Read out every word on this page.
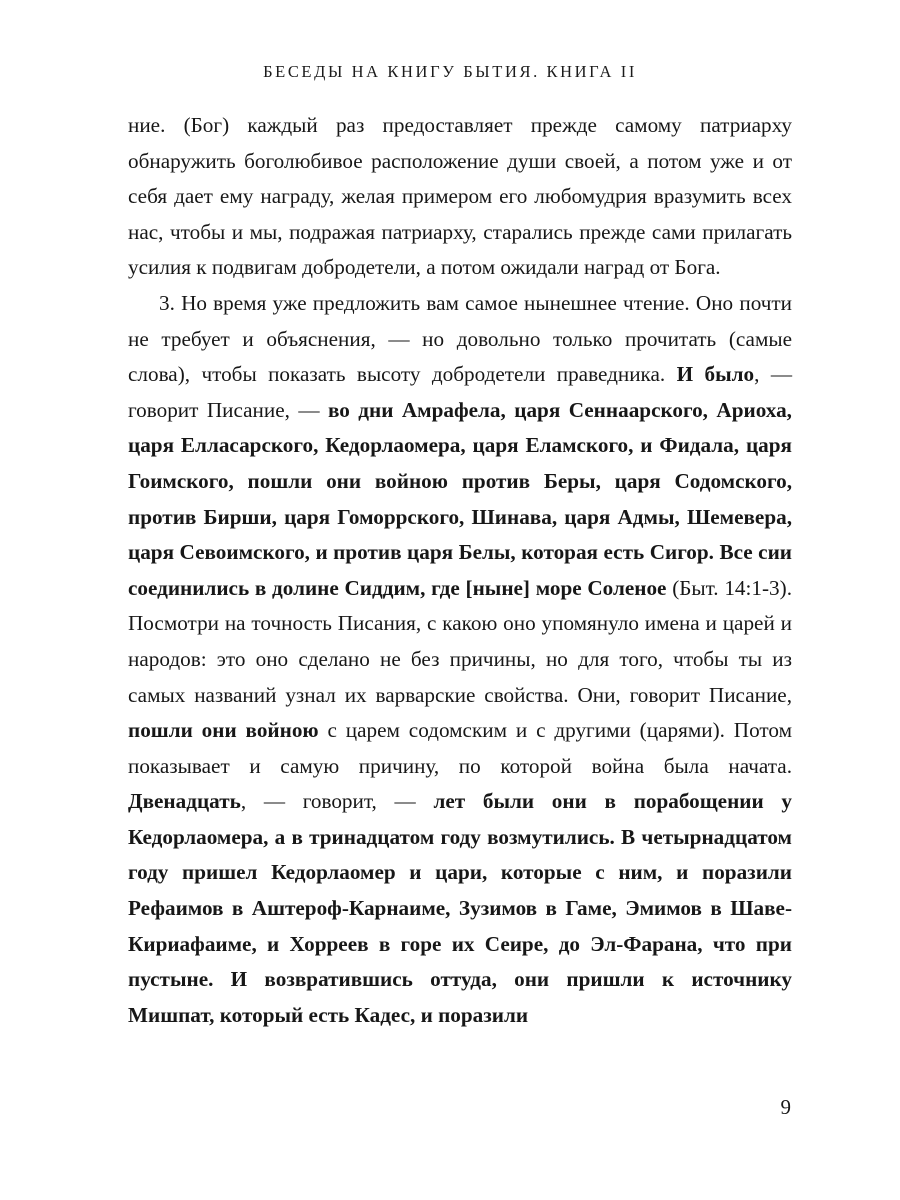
БЕСЕДЫ НА КНИГУ БЫТИЯ. КНИГА II

ние. (Бог) каждый раз предоставляет прежде самому патриарху обнаружить боголюбивое расположение души своей, а потом уже и от себя дает ему награду, желая примером его любомудрия вразумить всех нас, чтобы и мы, подражая патриарху, старались прежде сами прилагать усилия к подвигам добродетели, а потом ожидали наград от Бога.

3. Но время уже предложить вам самое нынешнее чтение. Оно почти не требует и объяснения, — но довольно только прочитать (самые слова), чтобы показать высоту добродетели праведника. И было, — говорит Писание, — во дни Амрафела, царя Сеннаарского, Ариоха, царя Елласарского, Кедорлаомера, царя Еламского, и Фидала, царя Гоимского, пошли они войною против Беры, царя Содомского, против Бирши, царя Гоморрского, Шинава, царя Адмы, Шемевера, царя Севоимского, и против царя Белы, которая есть Сигор. Все сии соединились в долине Сиддим, где [ныне] море Соленое (Быт. 14:1-3). Посмотри на точность Писания, с какою оно упомянуло имена и царей и народов: это оно сделано не без причины, но для того, чтобы ты из самых названий узнал их варварские свойства. Они, говорит Писание, пошли они войною с царем содомским и с другими (царями). Потом показывает и самую причину, по которой война была начата. Двенадцать, — говорит, — лет были они в порабощении у Кедорлаомера, а в тринадцатом году возмутились. В четырнадцатом году пришел Кедорлаомер и цари, которые с ним, и поразили Рефаимов в Аштероф-Карнаиме, Зузимов в Гаме, Эмимов в Шаве-Кириафаиме, и Хорреев в горе их Сеире, до Эл-Фарана, что при пустыне. И возвратившись оттуда, они пришли к источнику Мишпат, который есть Кадес, и поразили

9
